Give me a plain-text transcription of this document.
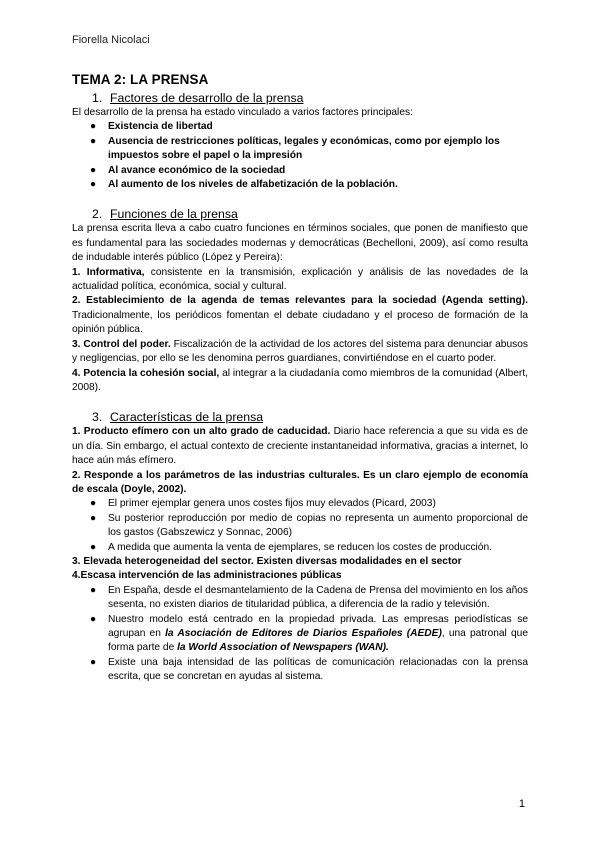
Fiorella Nicolaci
TEMA 2: LA PRENSA
1. Factores de desarrollo de la prensa

El desarrollo de la prensa ha estado vinculado a varios factores principales:

● Existencia de libertad
● Ausencia de restricciones políticas, legales y económicas, como por ejemplo los impuestos sobre el papel o la impresión
● Al avance económico de la sociedad
● Al aumento de los niveles de alfabetización de la población.
2. Funciones de la prensa

La prensa escrita lleva a cabo cuatro funciones en términos sociales, que ponen de manifiesto que es fundamental para las sociedades modernas y democráticas (Bechelloni, 2009), así como resulta de indudable interés público (López y Pereira):

1. Informativa, consistente en la transmisión, explicación y análisis de las novedades de la actualidad política, económica, social y cultural.

2. Establecimiento de la agenda de temas relevantes para la sociedad (Agenda setting). Tradicionalmente, los periódicos fomentan el debate ciudadano y el proceso de formación de la opinión pública.

3. Control del poder. Fiscalización de la actividad de los actores del sistema para denunciar abusos y negligencias, por ello se les denomina perros guardianes, convirtiéndose en el cuarto poder.

4. Potencia la cohesión social, al integrar a la ciudadanía como miembros de la comunidad (Albert, 2008).

3. Características de la prensa

1. Producto efímero con un alto grado de caducidad. Diario hace referencia a que su vida es de un día. Sin embargo, el actual contexto de creciente instantaneidad informativa, gracias a internet, lo hace aún más efímero.

2. Responde a los parámetros de las industrias culturales. Es un claro ejemplo de economía de escala (Doyle, 2002).

● El primer ejemplar genera unos costes fijos muy elevados (Picard, 2003)
● Su posterior reproducción por medio de copias no representa un aumento proporcional de los gastos (Gabszewicz y Sonnac, 2006)
● A medida que aumenta la venta de ejemplares, se reducen los costes de producción.

3. Elevada heterogeneidad del sector. Existen diversas modalidades en el sector

4.Escasa intervención de las administraciones públicas

● En España, desde el desmantelamiento de la Cadena de Prensa del movimiento en los años sesenta, no existen diarios de titularidad pública, a diferencia de la radio y televisión.
● Nuestro modelo está centrado en la propiedad privada. Las empresas periodísticas se agrupan en la Asociación de Editores de Diarios Españoles (AEDE), una patronal que forma parte de la World Association of Newspapers (WAN).
● Existe una baja intensidad de las políticas de comunicación relacionadas con la prensa escrita, que se concretan en ayudas al sistema.
1
